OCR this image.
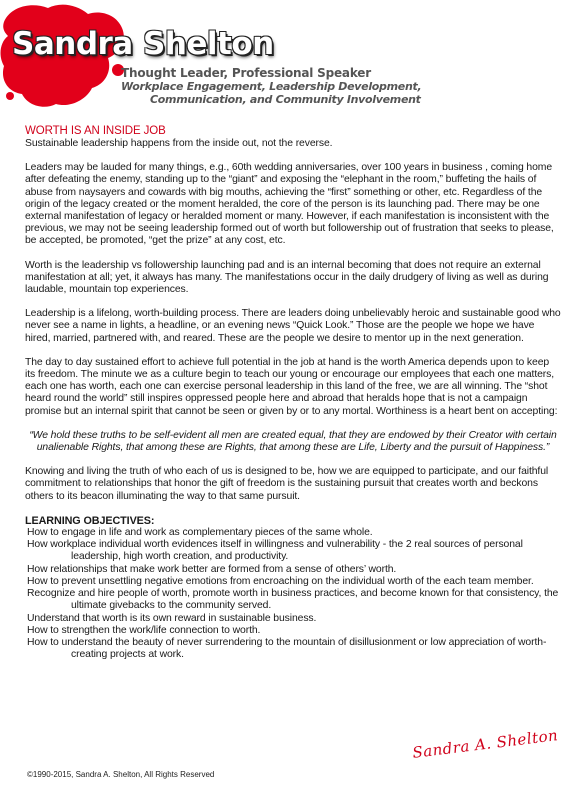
Sandra Shelton
Thought Leader, Professional Speaker
Workplace Engagement, Leadership Development,
Communication, and Community Involvement
WORTH IS AN INSIDE JOB

Sustainable leadership happens from the inside out, not the reverse.

Leaders may be lauded for many things, e.g., 60th wedding anniversaries, over 100 years in business , coming home after defeating the enemy, standing up to the “giant” and exposing the “elephant in the room,” buffeting the hails of abuse from naysayers and cowards with big mouths, achieving the “first” something or other, etc. Regardless of the origin of the legacy created or the moment heralded, the core of the person is its launching pad. There may be one external manifestation of legacy or heralded moment or many. However, if each manifestation is inconsistent with the previous, we may not be seeing leadership formed out of worth but followership out of frustration that seeks to please, be accepted, be promoted, “get the prize” at any cost, etc.

Worth is the leadership vs followership launching pad and is an internal becoming that does not require an external manifestation at all; yet, it always has many. The manifestations occur in the daily drudgery of living as well as during laudable, mountain top experiences.

Leadership is a lifelong, worth-building process. There are leaders doing unbelievably heroic and sustainable good who never see a name in lights, a headline, or an evening news “Quick Look.” Those are the people we hope we have hired, married, partnered with, and reared. These are the people we desire to mentor up in the next generation.

The day to day sustained effort to achieve full potential in the job at hand is the worth America depends upon to keep its freedom. The minute we as a culture begin to teach our young or encourage our employees that each one matters, each one has worth, each one can exercise personal leadership in this land of the free, we are all winning. The “shot heard round the world” still inspires oppressed people here and abroad that heralds hope that is not a campaign promise but an internal spirit that cannot be seen or given by or to any mortal. Worthiness is a heart bent on accepting:

“We hold these truths to be self-evident all men are created equal, that they are endowed by their Creator with certain unalienable Rights, that among these are Rights, that among these are Life, Liberty and the pursuit of Happiness.”

Knowing and living the truth of who each of us is designed to be, how we are equipped to participate, and our faithful commitment to relationships that honor the gift of freedom is the sustaining pursuit that creates worth and beckons others to its beacon illuminating the way to that same pursuit.

LEARNING OBJECTIVES:
How to engage in life and work as complementary pieces of the same whole.
How workplace individual worth evidences itself in willingness and vulnerability - the 2 real sources of personal leadership, high worth creation, and productivity.
How relationships that make work better are formed from a sense of others’ worth.
How to prevent unsettling negative emotions from encroaching on the individual worth of the each team member.
Recognize and hire people of worth, promote worth in business practices, and become known for that consistency, the ultimate givebacks to the community served.
Understand that worth is its own reward in sustainable business.
How to strengthen the work/life connection to worth.
How to understand the beauty of never surrendering to the mountain of disillusionment or low appreciation of worth-creating projects at work.
Sandra A. Shelton
©1990-2015, Sandra A. Shelton, All Rights Reserved
